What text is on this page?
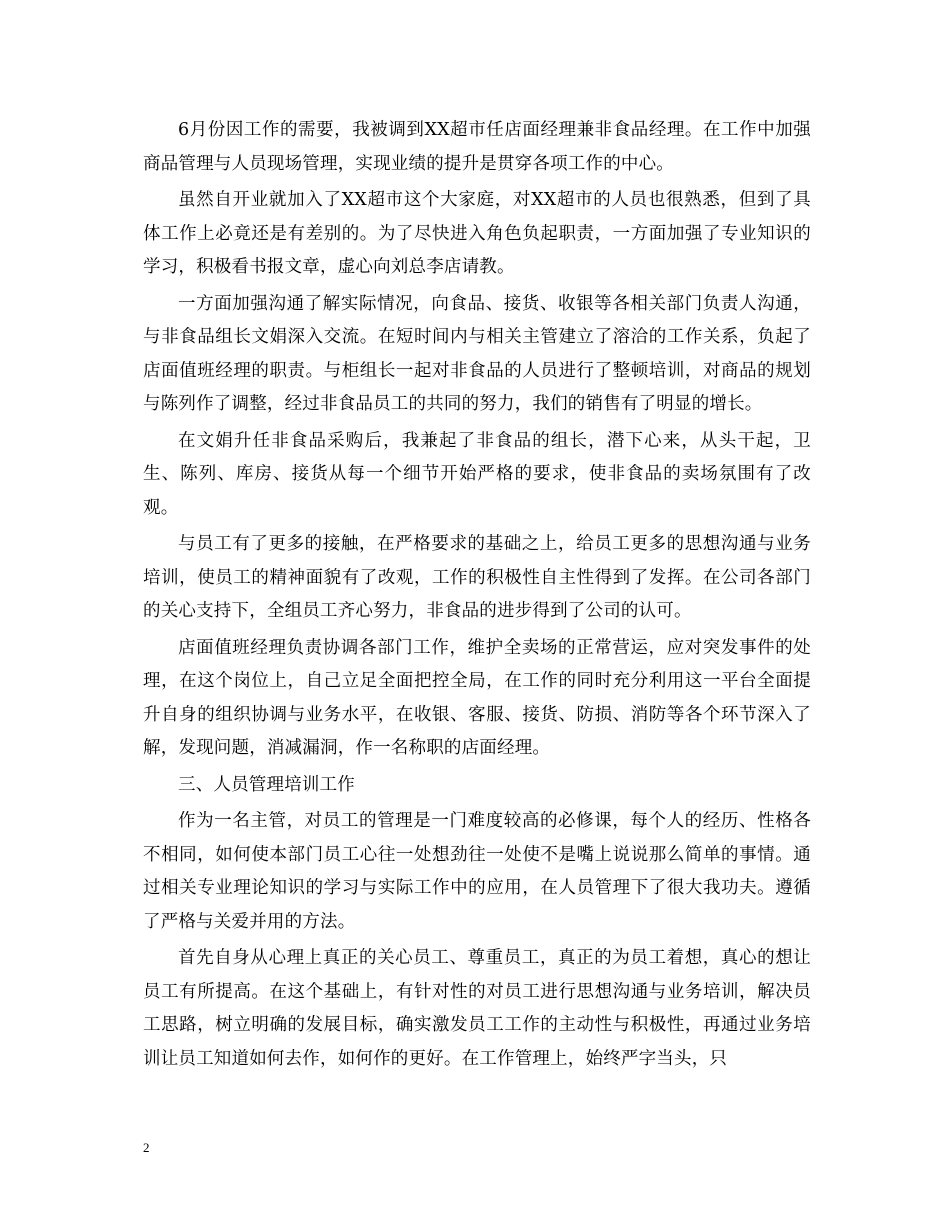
6月份因工作的需要，我被调到XX超市任店面经理兼非食品经理。在工作中加强商品管理与人员现场管理，实现业绩的提升是贯穿各项工作的中心。

虽然自开业就加入了XX超市这个大家庭，对XX超市的人员也很熟悉，但到了具体工作上必竟还是有差别的。为了尽快进入角色负起职责，一方面加强了专业知识的学习，积极看书报文章，虚心向刘总李店请教。

一方面加强沟通了解实际情况，向食品、接货、收银等各相关部门负责人沟通，与非食品组长文娟深入交流。在短时间内与相关主管建立了溶洽的工作关系，负起了店面值班经理的职责。与柜组长一起对非食品的人员进行了整顿培训，对商品的规划与陈列作了调整，经过非食品员工的共同的努力，我们的销售有了明显的增长。

在文娟升任非食品采购后，我兼起了非食品的组长，潜下心来，从头干起，卫生、陈列、库房、接货从每一个细节开始严格的要求，使非食品的卖场氛围有了改观。

与员工有了更多的接触，在严格要求的基础之上，给员工更多的思想沟通与业务培训，使员工的精神面貌有了改观，工作的积极性自主性得到了发挥。在公司各部门的关心支持下，全组员工齐心努力，非食品的进步得到了公司的认可。

店面值班经理负责协调各部门工作，维护全卖场的正常营运，应对突发事件的处理，在这个岗位上，自己立足全面把控全局，在工作的同时充分利用这一平台全面提升自身的组织协调与业务水平，在收银、客服、接货、防损、消防等各个环节深入了解，发现问题，消减漏洞，作一名称职的店面经理。

三、人员管理培训工作

作为一名主管，对员工的管理是一门难度较高的必修课，每个人的经历、性格各不相同，如何使本部门员工心往一处想劲往一处使不是嘴上说说那么简单的事情。通过相关专业理论知识的学习与实际工作中的应用，在人员管理下了很大我功夫。遵循了严格与关爱并用的方法。

首先自身从心理上真正的关心员工、尊重员工，真正的为员工着想，真心的想让员工有所提高。在这个基础上，有针对性的对员工进行思想沟通与业务培训，解决员工思路，树立明确的发展目标，确实激发员工工作的主动性与积极性，再通过业务培训让员工知道如何去作，如何作的更好。在工作管理上，始终严字当头，只

2
